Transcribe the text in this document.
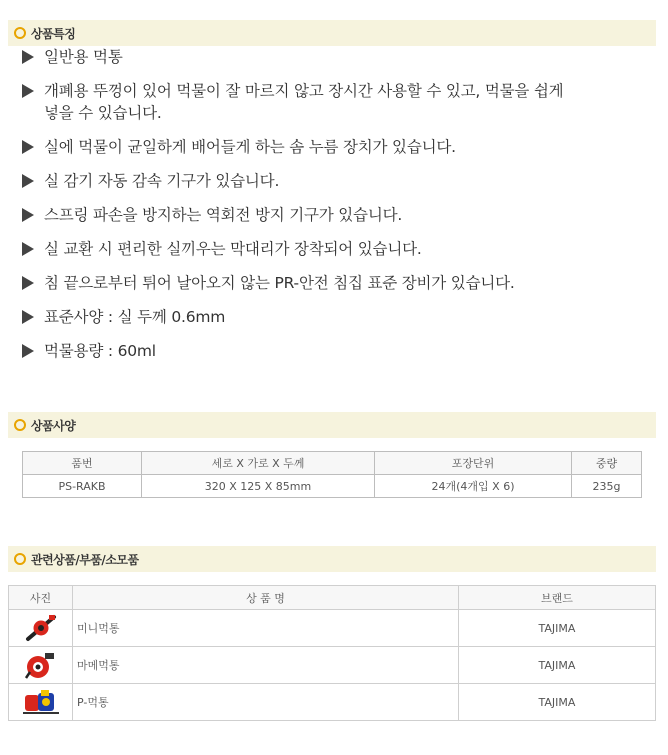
상품특징
일반용 먹통
개폐용 뚜껑이 있어 먹물이 잘 마르지 않고 장시간 사용할 수 있고, 먹물을 쉽게
넣을 수 있습니다.
실에 먹물이 균일하게 배어들게 하는 솜 누름 장치가 있습니다.
실 감기 자동 감속 기구가 있습니다.
스프링 파손을 방지하는 역회전 방지 기구가 있습니다.
실 교환 시 편리한 실끼우는 막대리가 장착되어 있습니다.
침 끝으로부터 튀어 날아오지 않는 PR-안전 침집 표준 장비가 있습니다.
표준사양 : 실 두께 0.6mm
먹물용량 : 60ml
상품사양
품번	세로 X 가로 X 두께	포장단위	중량
PS-RAKB	320 X 125 X 85mm	24개(4개입 X 6)	235g
관련상품/부품/소모품
사진	상 품 명	브랜드

	미니먹통	TAJIMA

	마메먹통	TAJIMA

	P-먹통	TAJIMA
